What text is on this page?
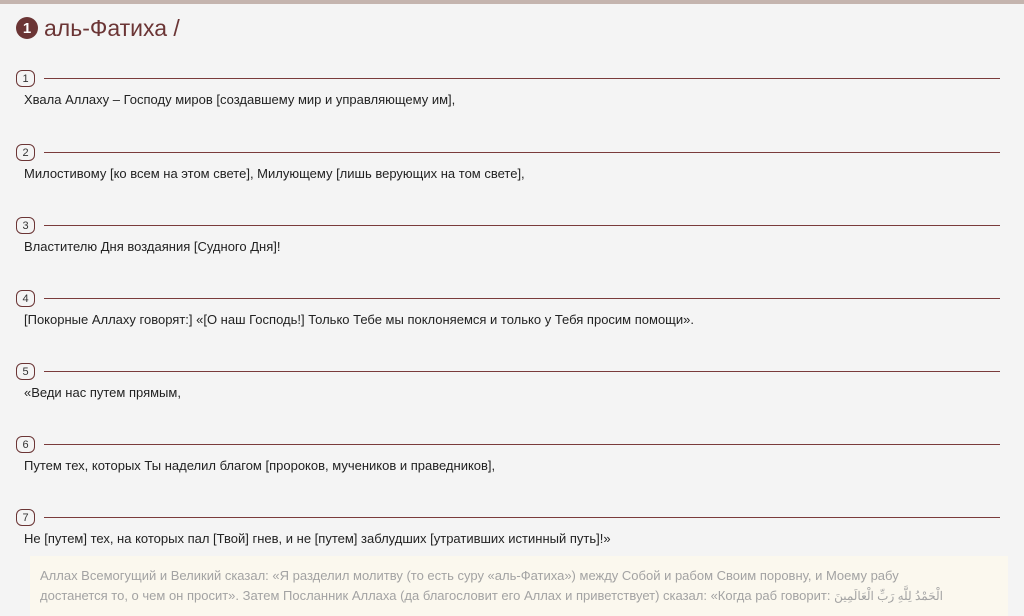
1 аль-Фатиха /
1
Хвала Аллаху – Господу миров [создавшему мир и управляющему им],
2
Милостивому [ко всем на этом свете], Милующему [лишь верующих на том свете],
3
Властителю Дня воздаяния [Судного Дня]!
4
[Покорные Аллаху говорят:] «[О наш Господь!] Только Тебе мы поклоняемся и только у Тебя просим помощи».
5
«Веди нас путем прямым,
6
Путем тех, которых Ты наделил благом [пророков, мучеников и праведников],
7
Не [путем] тех, на которых пал [Твой] гнев, и не [путем] заблудших [утративших истинный путь]!»
Аллах Всемогущий и Великий сказал: «Я разделил молитву (то есть суру «аль-Фатиха») между Собой и рабом Своим поровну, и Моему рабу
достанется то, о чем он просит». Затем Посланник Аллаха (да благословит его Аллах и приветствует) сказал: «Когда раб говорит: الْحَمْدُ لِلَّهِ رَبِّ الْعَالَمِينَ
